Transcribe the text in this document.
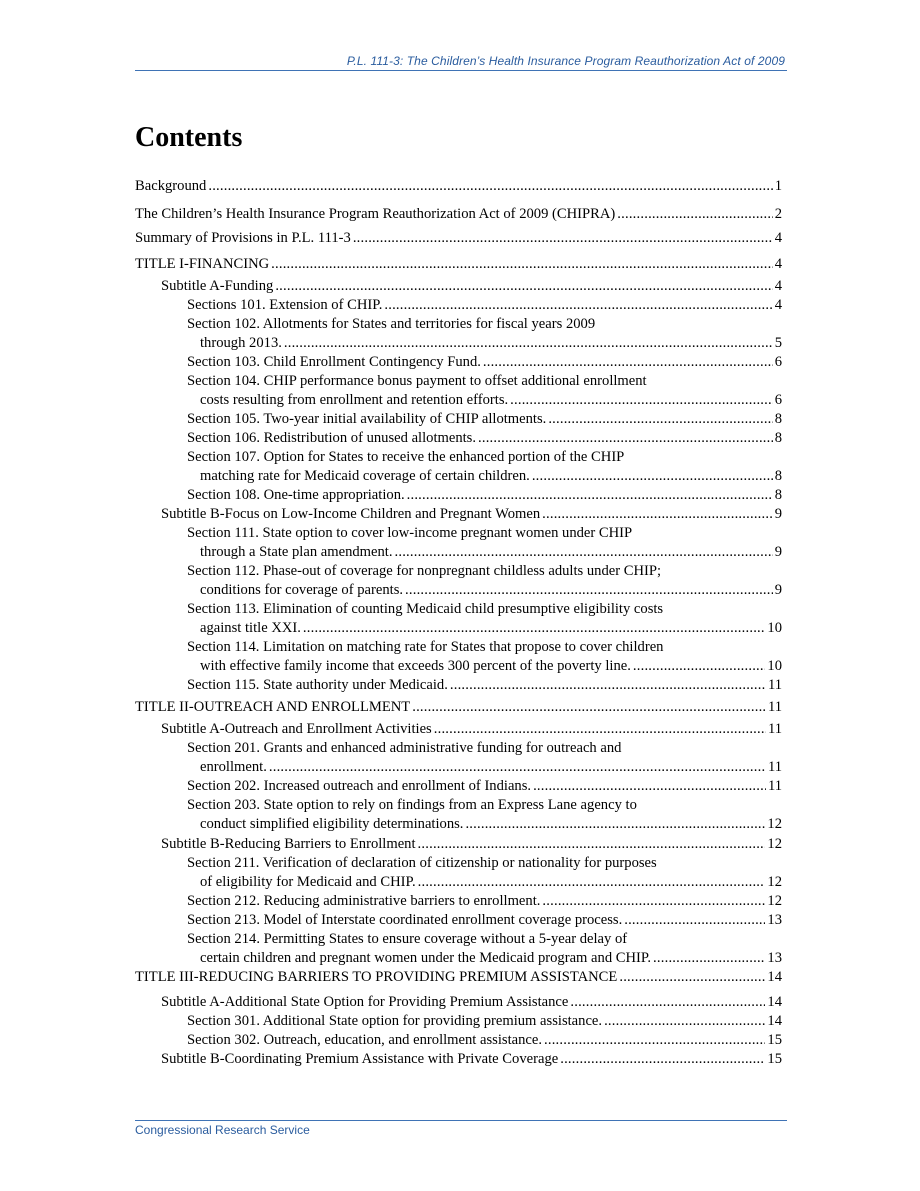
P.L. 111-3: The Children’s Health Insurance Program Reauthorization Act of 2009
Contents
Background .....	1
The Children’s Health Insurance Program Reauthorization Act of 2009 (CHIPRA) .....	2
Summary of Provisions in P.L. 111-3 .....	4
TITLE I-FINANCING .....	4
Subtitle A-Funding .....	4
Sections 101. Extension of CHIP. .....	4
Section 102. Allotments for States and territories for fiscal years 2009
through 2013. .....	5
Section 103. Child Enrollment Contingency Fund. .....	6
Section 104. CHIP performance bonus payment to offset additional enrollment
costs resulting from enrollment and retention efforts. .....	6
Section 105. Two-year initial availability of CHIP allotments. .....	8
Section 106. Redistribution of unused allotments. .....	8
Section 107. Option for States to receive the enhanced portion of the CHIP
matching rate for Medicaid coverage of certain children. .....	8
Section 108. One-time appropriation. .....	8
Subtitle B-Focus on Low-Income Children and Pregnant Women .....	9
Section 111. State option to cover low-income pregnant women under CHIP
through a State plan amendment. .....	9
Section 112. Phase-out of coverage for nonpregnant childless adults under CHIP;
conditions for coverage of parents. .....	9
Section 113. Elimination of counting Medicaid child presumptive eligibility costs
against title XXI. .....	10
Section 114. Limitation on matching rate for States that propose to cover children
with effective family income that exceeds 300 percent of the poverty line. .....	10
Section 115. State authority under Medicaid. .....	11
TITLE II-OUTREACH AND ENROLLMENT .....	11
Subtitle A-Outreach and Enrollment Activities .....	11
Section 201. Grants and enhanced administrative funding for outreach and
enrollment. .....	11
Section 202. Increased outreach and enrollment of Indians. .....	11
Section 203. State option to rely on findings from an Express Lane agency to
conduct simplified eligibility determinations. .....	12
Subtitle B-Reducing Barriers to Enrollment .....	12
Section 211. Verification of declaration of citizenship or nationality for purposes
of eligibility for Medicaid and CHIP. .....	12
Section 212. Reducing administrative barriers to enrollment. .....	12
Section 213. Model of Interstate coordinated enrollment coverage process. .....	13
Section 214. Permitting States to ensure coverage without a 5-year delay of
certain children and pregnant women under the Medicaid program and CHIP. .....	13
TITLE III-REDUCING BARRIERS TO PROVIDING PREMIUM ASSISTANCE .....	14
Subtitle A-Additional State Option for Providing Premium Assistance .....	14
Section 301. Additional State option for providing premium assistance. .....	14
Section 302. Outreach, education, and enrollment assistance. .....	15
Subtitle B-Coordinating Premium Assistance with Private Coverage .....	15
Congressional Research Service
